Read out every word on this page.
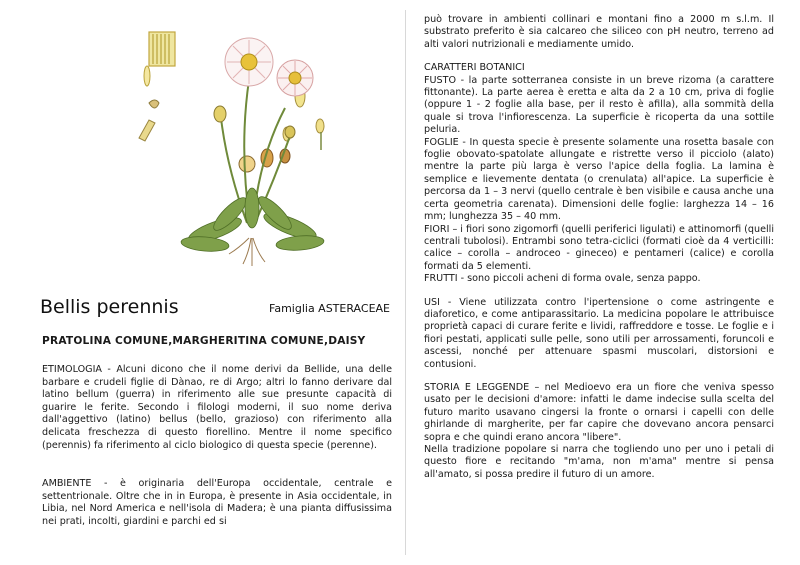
Bellis perennis	Famiglia ASTERACEAE
PRATOLINA COMUNE,MARGHERITINA COMUNE,DAISY

ETIMOLOGIA - Alcuni dicono che il nome derivi da Bellide, una delle barbare e crudeli figlie di Dànao, re di Argo; altri lo fanno derivare dal latino bellum (guerra) in riferimento alle sue presunte capacità di guarire le ferite. Secondo i filologi moderni, il suo nome deriva dall'aggettivo (latino) bellus (bello, grazioso) con riferimento alla delicata freschezza di questo fiorellino. Mentre il nome specifico (perennis) fa riferimento al ciclo biologico di questa specie (perenne).

AMBIENTE - è originaria dell'Europa occidentale, centrale e settentrionale. Oltre che in in Europa, è presente in Asia occidentale, in Libia, nel Nord America e nell'isola di Madera; è una pianta diffusissima nei prati, incolti, giardini e parchi ed si

può trovare in ambienti collinari e montani fino a 2000 m s.l.m. Il substrato preferito è sia calcareo che siliceo con pH neutro, terreno ad alti valori nutrizionali e mediamente umido.

CARATTERI BOTANICI

FUSTO - la parte sotterranea consiste in un breve rizoma (a carattere fittonante). La parte aerea è eretta e alta da 2 a 10 cm, priva di foglie (oppure 1 - 2 foglie alla base, per il resto è afilla), alla sommità della quale si trova l'infiorescenza. La superficie è ricoperta da una sottile peluria.

FOGLIE - In questa specie è presente solamente una rosetta basale con foglie obovato-spatolate allungate e ristrette verso il picciolo (alato) mentre la parte più larga è verso l'apice della foglia. La lamina è semplice e lievemente dentata (o crenulata) all'apice. La superficie è percorsa da 1 – 3 nervi (quello centrale è ben visibile e causa anche una certa geometria carenata). Dimensioni delle foglie: larghezza 14 – 16 mm; lunghezza 35 – 40 mm.

FIORI – i fiori sono zigomorfi (quelli periferici ligulati) e attinomorfi (quelli centrali tubolosi). Entrambi sono tetra-ciclici (formati cioè da 4 verticilli: calice – corolla – androceo - gineceo) e pentameri (calice) e corolla formati da 5 elementi.

FRUTTI - sono piccoli acheni di forma ovale, senza pappo.

USI - Viene utilizzata contro l'ipertensione o come astringente e diaforetico, e come antiparassitario. La medicina popolare le attribuisce proprietà capaci di curare ferite e lividi, raffreddore e tosse. Le foglie e i fiori pestati, applicati sulle pelle, sono utili per arrossamenti, foruncoli e ascessi, nonché per attenuare spasmi muscolari, distorsioni e contusioni.

STORIA E LEGGENDE – nel Medioevo era un fiore che veniva spesso usato per le decisioni d'amore: infatti le dame indecise sulla scelta del futuro marito usavano cingersi la fronte o ornarsi i capelli con delle ghirlande di margherite, per far capire che dovevano ancora pensarci sopra e che quindi erano ancora "libere".

Nella tradizione popolare si narra che togliendo uno per uno i petali di questo fiore e recitando "m'ama, non m'ama" mentre si pensa all'amato, si possa predire il futuro di un amore.
